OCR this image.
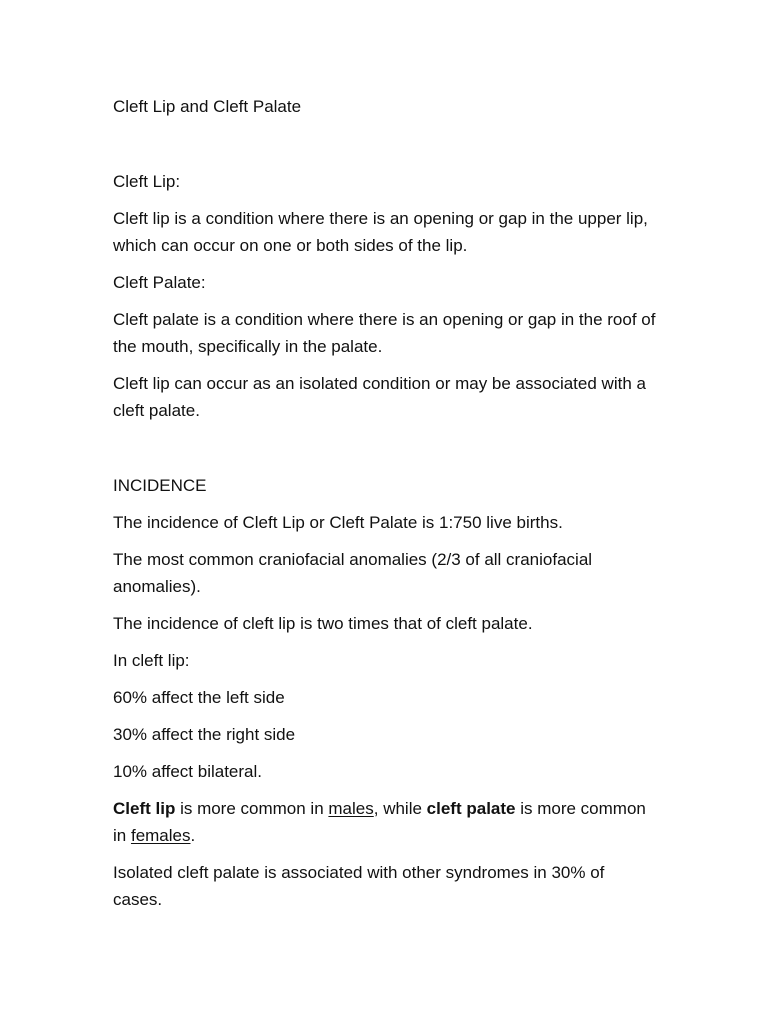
Cleft Lip and Cleft Palate

Cleft Lip:

Cleft lip is a condition where there is an opening or gap in the upper lip, which can occur on one or both sides of the lip.

Cleft Palate:

Cleft palate is a condition where there is an opening or gap in the roof of the mouth, specifically in the palate.

Cleft lip can occur as an isolated condition or may be associated with a cleft palate.

INCIDENCE

The incidence of Cleft Lip or Cleft Palate is 1:750 live births.

The most common craniofacial anomalies (2/3 of all craniofacial anomalies).

The incidence of cleft lip is two times that of cleft palate.

In cleft lip:

60% affect the left side

30% affect the right side

10% affect bilateral.

Cleft lip is more common in males, while cleft palate is more common in females.

Isolated cleft palate is associated with other syndromes in 30% of cases.
